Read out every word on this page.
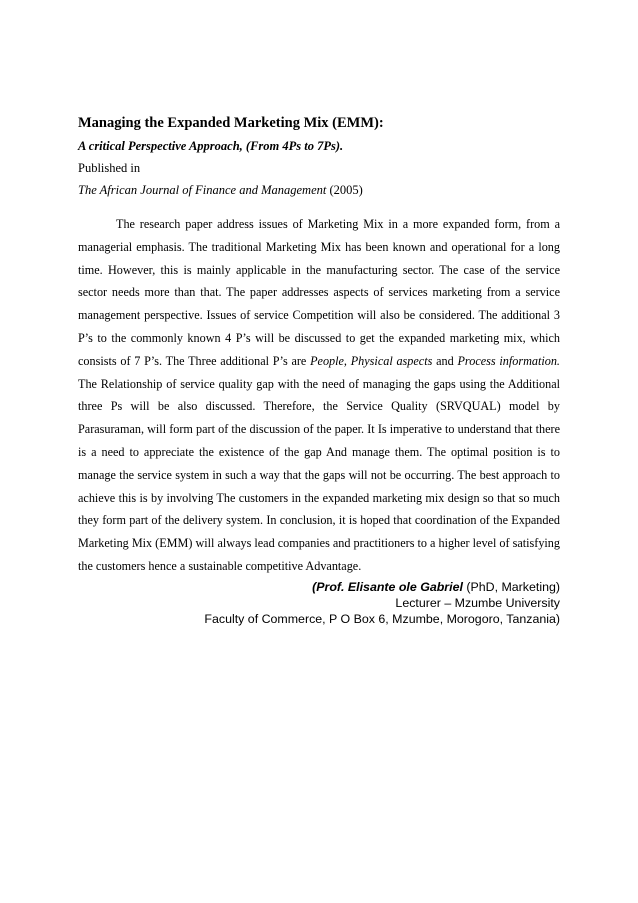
Managing the Expanded Marketing Mix (EMM):
A critical Perspective Approach, (From 4Ps to 7Ps).
Published in
The African Journal of Finance and Management (2005)
The research paper address issues of Marketing Mix in a more expanded form, from a managerial emphasis. The traditional Marketing Mix has been known and operational for a long time. However, this is mainly applicable in the manufacturing sector. The case of the service sector needs more than that. The paper addresses aspects of services marketing from a service management perspective. Issues of service Competition will also be considered. The additional 3 P’s to the commonly known 4 P’s will be discussed to get the expanded marketing mix, which consists of 7 P’s. The Three additional P’s are People, Physical aspects and Process information. The Relationship of service quality gap with the need of managing the gaps using the Additional three Ps will be also discussed. Therefore, the Service Quality (SRVQUAL) model by Parasuraman, will form part of the discussion of the paper. It Is imperative to understand that there is a need to appreciate the existence of the gap And manage them. The optimal position is to manage the service system in such a way that the gaps will not be occurring. The best approach to achieve this is by involving The customers in the expanded marketing mix design so that so much they form part of the delivery system. In conclusion, it is hoped that coordination of the Expanded Marketing Mix (EMM) will always lead companies and practitioners to a higher level of satisfying the customers hence a sustainable competitive Advantage.
(Prof. Elisante ole Gabriel (PhD, Marketing)
Lecturer – Mzumbe University
Faculty of Commerce, P O Box 6, Mzumbe, Morogoro, Tanzania)
